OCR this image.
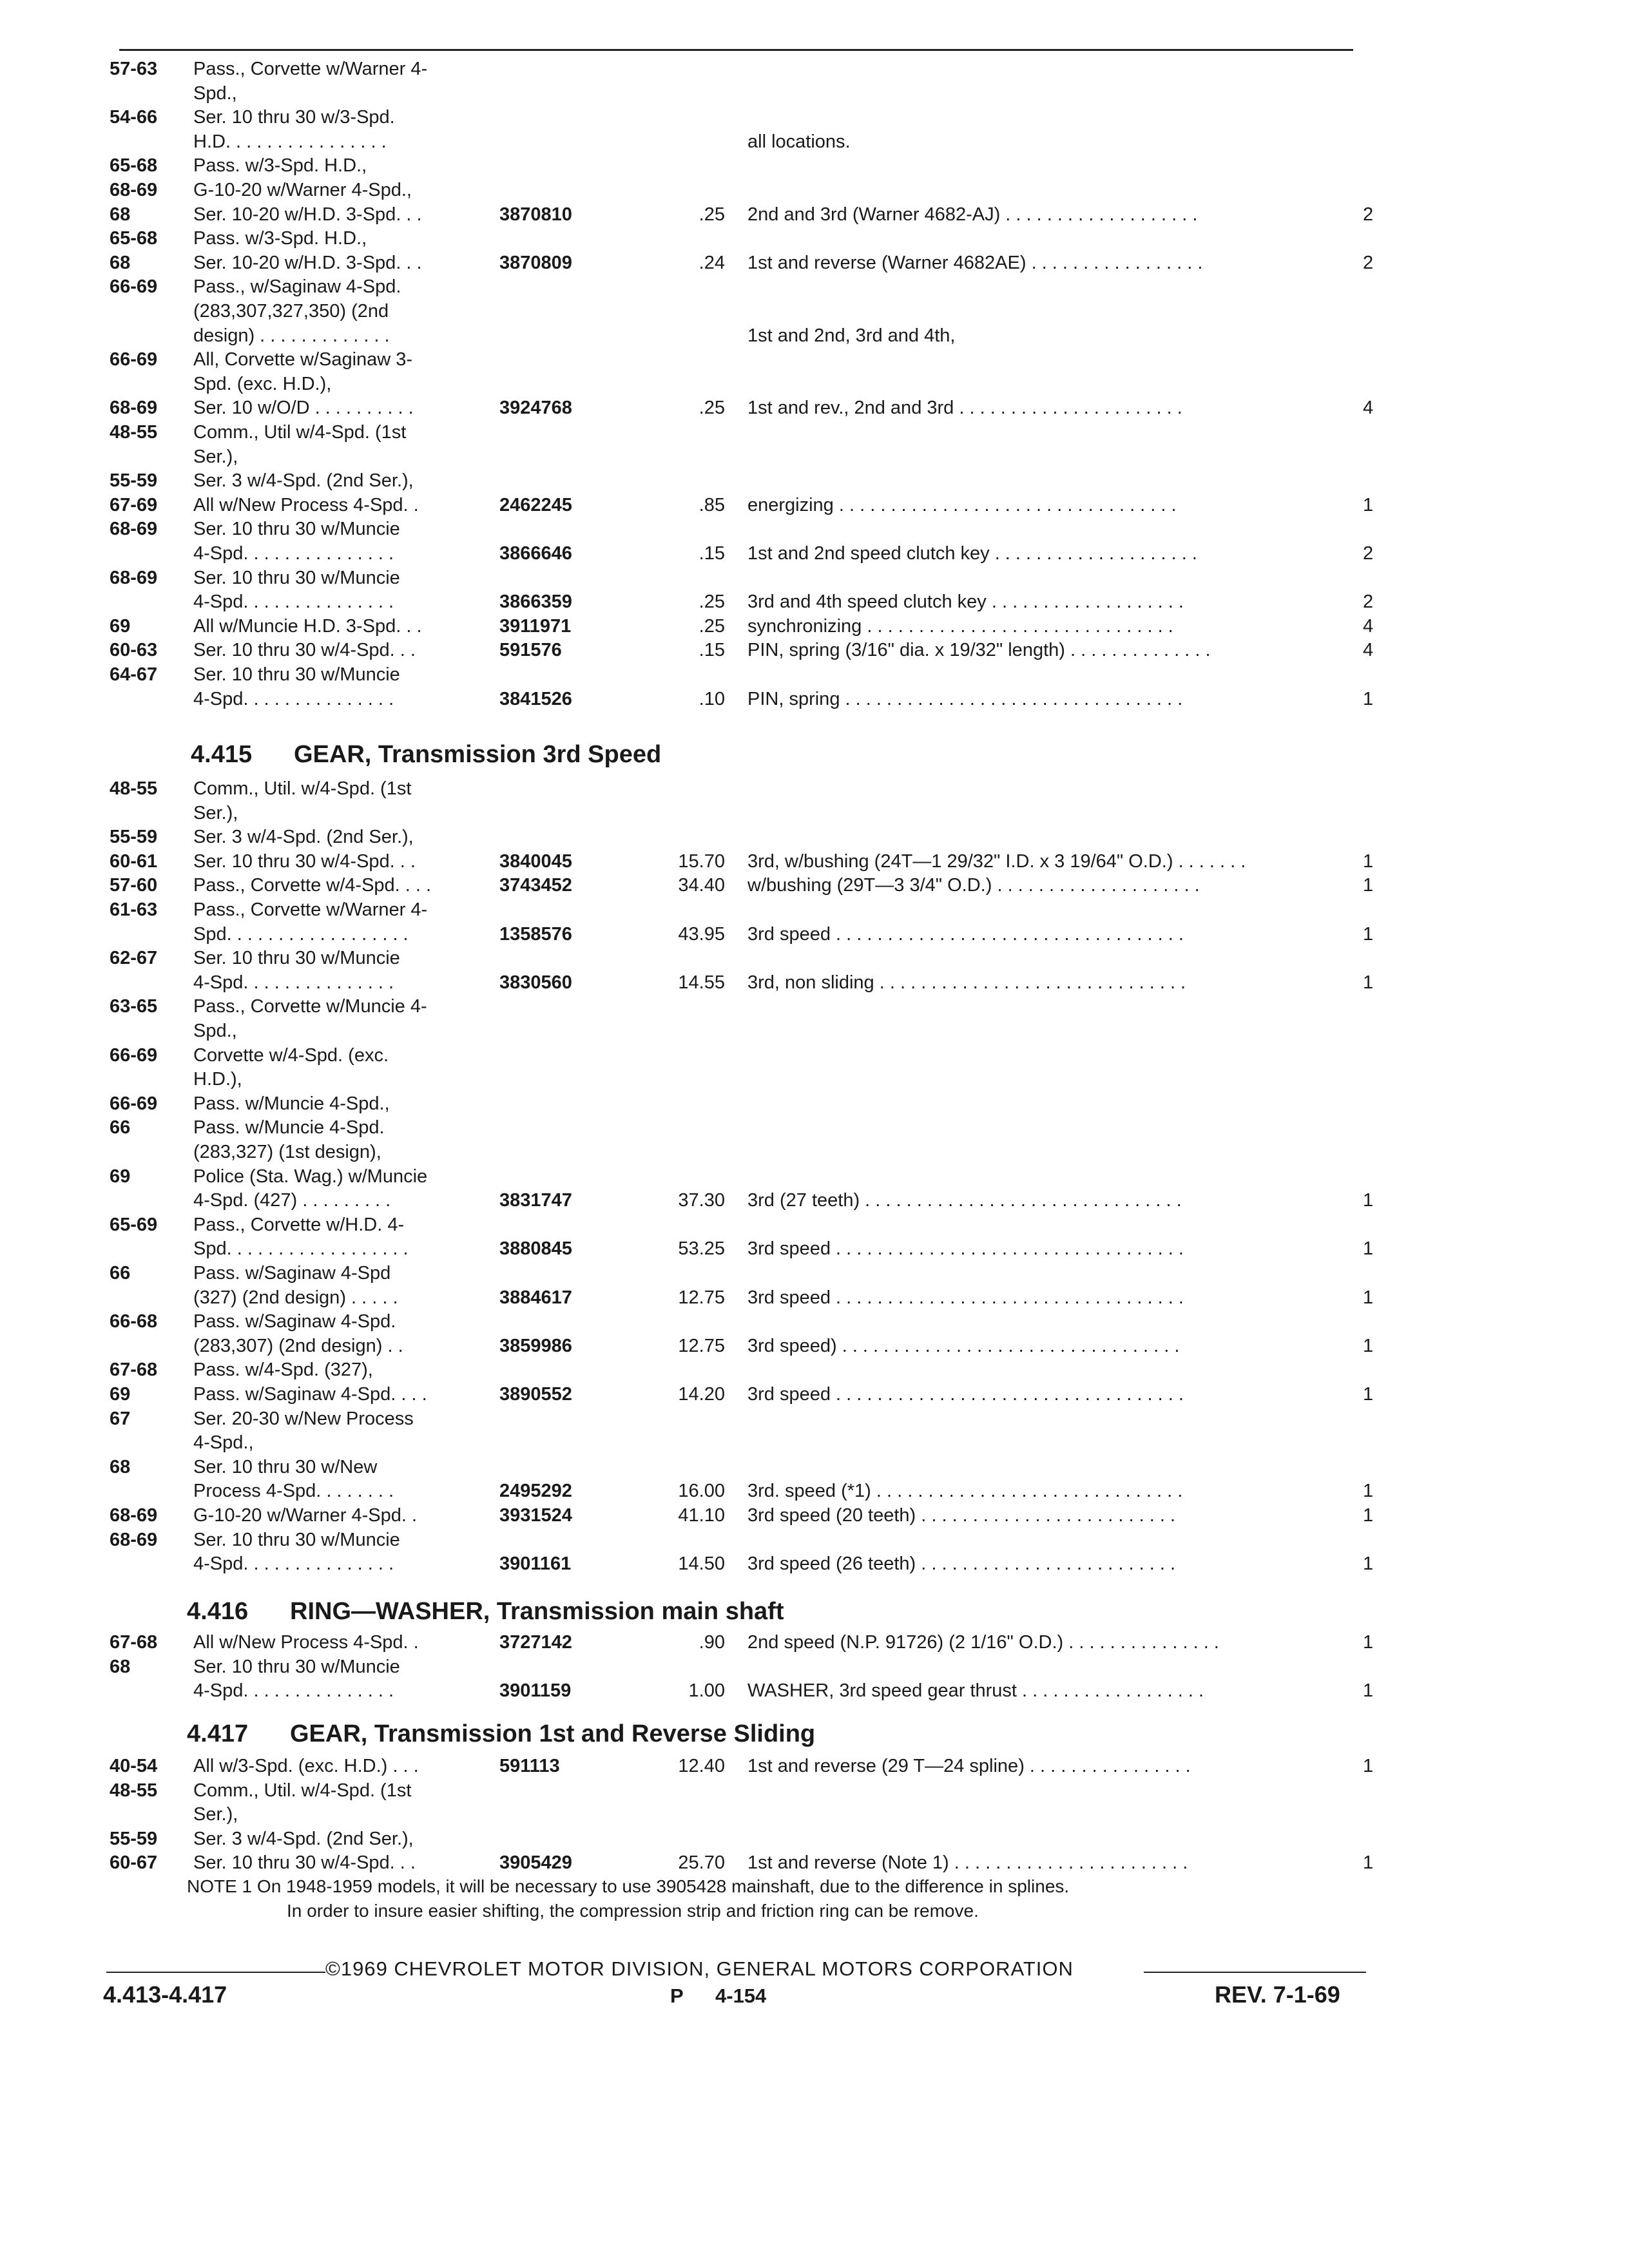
57-63 Pass., Corvette w/Warner 4-
Spd.,
54-66 Ser. 10 thru 30 w/3-Spd.
H.D. . . . . . . . . . . . . . . .	all locations.
65-68 Pass. w/3-Spd. H.D.,
68-69 G-10-20 w/Warner 4-Spd.,
68	Ser. 10-20 w/H.D. 3-Spd. . .	3870810	.25 2nd and 3rd (Warner 4682-AJ) . . . . . . . . . . . . . . . . . . .	2
65-68 Pass. w/3-Spd. H.D.,
68	Ser. 10-20 w/H.D. 3-Spd. . .	3870809	.24 1st and reverse (Warner 4682AE) . . . . . . . . . . . . . . . . .	2
66-69 Pass., w/Saginaw 4-Spd.
(283,307,327,350) (2nd
design) . . . . . . . . . . . . .	1st and 2nd, 3rd and 4th,
66-69 All, Corvette w/Saginaw 3-
Spd. (exc. H.D.),
68-69 Ser. 10 w/O/D . . . . . . . . . .	3924768	.25 1st and rev., 2nd and 3rd . . . . . . . . . . . . . . . . . . . . . .	4
48-55 Comm., Util w/4-Spd. (1st
Ser.),
55-59 Ser. 3 w/4-Spd. (2nd Ser.),
67-69 All w/New Process 4-Spd. .	2462245	.85 energizing . . . . . . . . . . . . . . . . . . . . . . . . . . . . . . . . .	1
68-69 Ser. 10 thru 30 w/Muncie
4-Spd. . . . . . . . . . . . . . .	3866646	.15 1st and 2nd speed clutch key . . . . . . . . . . . . . . . . . . . .	2
68-69 Ser. 10 thru 30 w/Muncie
4-Spd. . . . . . . . . . . . . . .	3866359	.25 3rd and 4th speed clutch key . . . . . . . . . . . . . . . . . . .	2
69	All w/Muncie H.D. 3-Spd. . .	3911971	.25 synchronizing . . . . . . . . . . . . . . . . . . . . . . . . . . . . . .	4
60-63 Ser. 10 thru 30 w/4-Spd. . .	591576	.15 PIN, spring (3/16" dia. x 19/32" length) . . . . . . . . . . . . . .	4
64-67 Ser. 10 thru 30 w/Muncie
4-Spd. . . . . . . . . . . . . . .	3841526	.10 PIN, spring . . . . . . . . . . . . . . . . . . . . . . . . . . . . . . . . .	1
4.415 GEAR, Transmission 3rd Speed
48-55 Comm., Util. w/4-Spd. (1st
Ser.),
55-59 Ser. 3 w/4-Spd. (2nd Ser.),
60-61 Ser. 10 thru 30 w/4-Spd. . .	3840045	15.70 3rd, w/bushing (24T—1 29/32" I.D. x 3 19/64" O.D.) . . . . . . .	1
57-60 Pass., Corvette w/4-Spd. . . .	3743452	34.40 w/bushing (29T—3 3/4" O.D.) . . . . . . . . . . . . . . . . . . . .	1
61-63 Pass., Corvette w/Warner 4-
Spd. . . . . . . . . . . . . . . . . .	1358576	43.95 3rd speed . . . . . . . . . . . . . . . . . . . . . . . . . . . . . . . . . .	1
62-67 Ser. 10 thru 30 w/Muncie
4-Spd. . . . . . . . . . . . . . .	3830560	14.55 3rd, non sliding . . . . . . . . . . . . . . . . . . . . . . . . . . . . . .	1
63-65 Pass., Corvette w/Muncie 4-
Spd.,
66-69 Corvette w/4-Spd. (exc.
H.D.),
66-69 Pass. w/Muncie 4-Spd.,
66	Pass. w/Muncie 4-Spd.
(283,327) (1st design),
69	Police (Sta. Wag.) w/Muncie
4-Spd. (427) . . . . . . . . .	3831747	37.30 3rd (27 teeth) . . . . . . . . . . . . . . . . . . . . . . . . . . . . . . .	1
65-69 Pass., Corvette w/H.D. 4-
Spd. . . . . . . . . . . . . . . . . .	3880845	53.25 3rd speed . . . . . . . . . . . . . . . . . . . . . . . . . . . . . . . . . .	1
66	Pass. w/Saginaw 4-Spd
(327) (2nd design) . . . . .	3884617	12.75 3rd speed . . . . . . . . . . . . . . . . . . . . . . . . . . . . . . . . . .	1
66-68 Pass. w/Saginaw 4-Spd.
(283,307) (2nd design) . .	3859986	12.75 3rd speed) . . . . . . . . . . . . . . . . . . . . . . . . . . . . . . . . .	1
67-68 Pass. w/4-Spd. (327),
69	Pass. w/Saginaw 4-Spd. . . .	3890552	14.20 3rd speed . . . . . . . . . . . . . . . . . . . . . . . . . . . . . . . . . .	1
67	Ser. 20-30 w/New Process
4-Spd.,
68	Ser. 10 thru 30 w/New
Process 4-Spd. . . . . . . .	2495292	16.00 3rd. speed (*1) . . . . . . . . . . . . . . . . . . . . . . . . . . . . . .	1
68-69 G-10-20 w/Warner 4-Spd. .	3931524	41.10 3rd speed (20 teeth) . . . . . . . . . . . . . . . . . . . . . . . . .	1
68-69 Ser. 10 thru 30 w/Muncie
4-Spd. . . . . . . . . . . . . . .	3901161	14.50 3rd speed (26 teeth) . . . . . . . . . . . . . . . . . . . . . . . . .	1
4.416 RING—WASHER, Transmission main shaft
67-68 All w/New Process 4-Spd. .	3727142	.90 2nd speed (N.P. 91726) (2 1/16" O.D.) . . . . . . . . . . . . . . .	1
68	Ser. 10 thru 30 w/Muncie
4-Spd. . . . . . . . . . . . . . .	3901159	1.00 WASHER, 3rd speed gear thrust . . . . . . . . . . . . . . . . . .	1
4.417 GEAR, Transmission 1st and Reverse Sliding
40-54 All w/3-Spd. (exc. H.D.) . . .	591113	12.40 1st and reverse (29 T—24 spline) . . . . . . . . . . . . . . . .	1
48-55 Comm., Util. w/4-Spd. (1st
Ser.),
55-59 Ser. 3 w/4-Spd. (2nd Ser.),
60-67 Ser. 10 thru 30 w/4-Spd. . .	3905429	25.70 1st and reverse (Note 1) . . . . . . . . . . . . . . . . . . . . . . .	1
NOTE 1 On 1948-1959 models, it will be necessary to use 3905428 mainshaft, due to the difference in splines.
In order to insure easier shifting, the compression strip and friction ring can be remove.
©1969 CHEVROLET MOTOR DIVISION, GENERAL MOTORS CORPORATION
4.413-4.417	P 4-154	REV. 7-1-69
